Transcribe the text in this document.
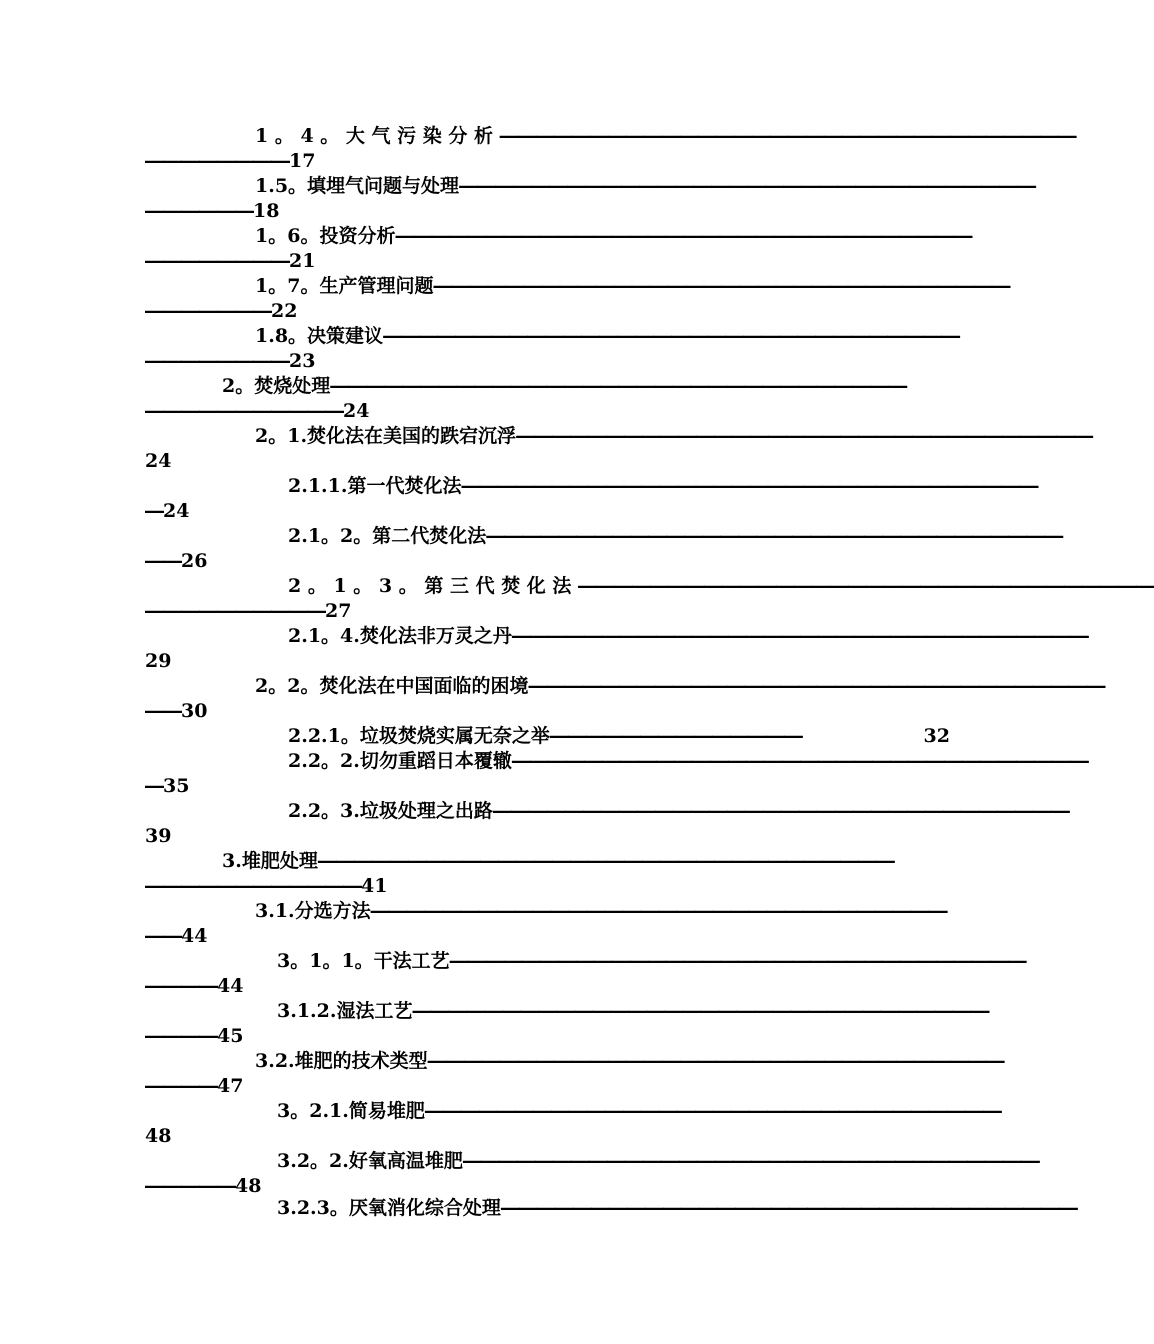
1 。 4 。 大 气 污 染 分 析 ――――――――――――――――――――――――――――――――
――――――――17
1.5。填埋气问题与处理 ――――――――――――――――――――――――――――――――
――――――18
1。6。投资分析 ――――――――――――――――――――――――――――――――
――――――――21
1。7。生产管理问题 ――――――――――――――――――――――――――――――――
―――――――22
1.8。决策建议 ――――――――――――――――――――――――――――――――
――――――――23
2。焚烧处理 ――――――――――――――――――――――――――――――――
―――――――――――24
2。1.焚化法在美国的跌宕沉浮 ――――――――――――――――――――――――――――――――
24
2.1.1.第一代焚化法 ――――――――――――――――――――――――――――――――
―24
2.1。2。第二代焚化法 ――――――――――――――――――――――――――――――――
――26
2 。 1 。 3 。 第 三 代 焚 化 法 ――――――――――――――――――――――――――――――――
――――――――――27
2.1。4.焚化法非万灵之丹 ――――――――――――――――――――――――――――――――
29
2。2。焚化法在中国面临的困境 ――――――――――――――――――――――――――――――――
――30
2.2.1。垃圾焚烧实属无奈之举 ――――――――――――――	32
2.2。2.切勿重蹈日本覆辙 ――――――――――――――――――――――――――――――――
―35
2.2。3.垃圾处理之出路 ――――――――――――――――――――――――――――――――
39
3.堆肥处理 ――――――――――――――――――――――――――――――――
――――――――――――41
3.1.分选方法 ――――――――――――――――――――――――――――――――
――44
3。1。1。干法工艺 ――――――――――――――――――――――――――――――――
――――44
3.1.2.湿法工艺 ――――――――――――――――――――――――――――――――
――――45
3.2.堆肥的技术类型 ――――――――――――――――――――――――――――――――
――――47
3。2.1.简易堆肥 ――――――――――――――――――――――――――――――――
48
3.2。2.好氧高温堆肥 ――――――――――――――――――――――――――――――――
―――――48
3.2.3。厌氧消化综合处理 ――――――――――――――――――――――――――――――――
